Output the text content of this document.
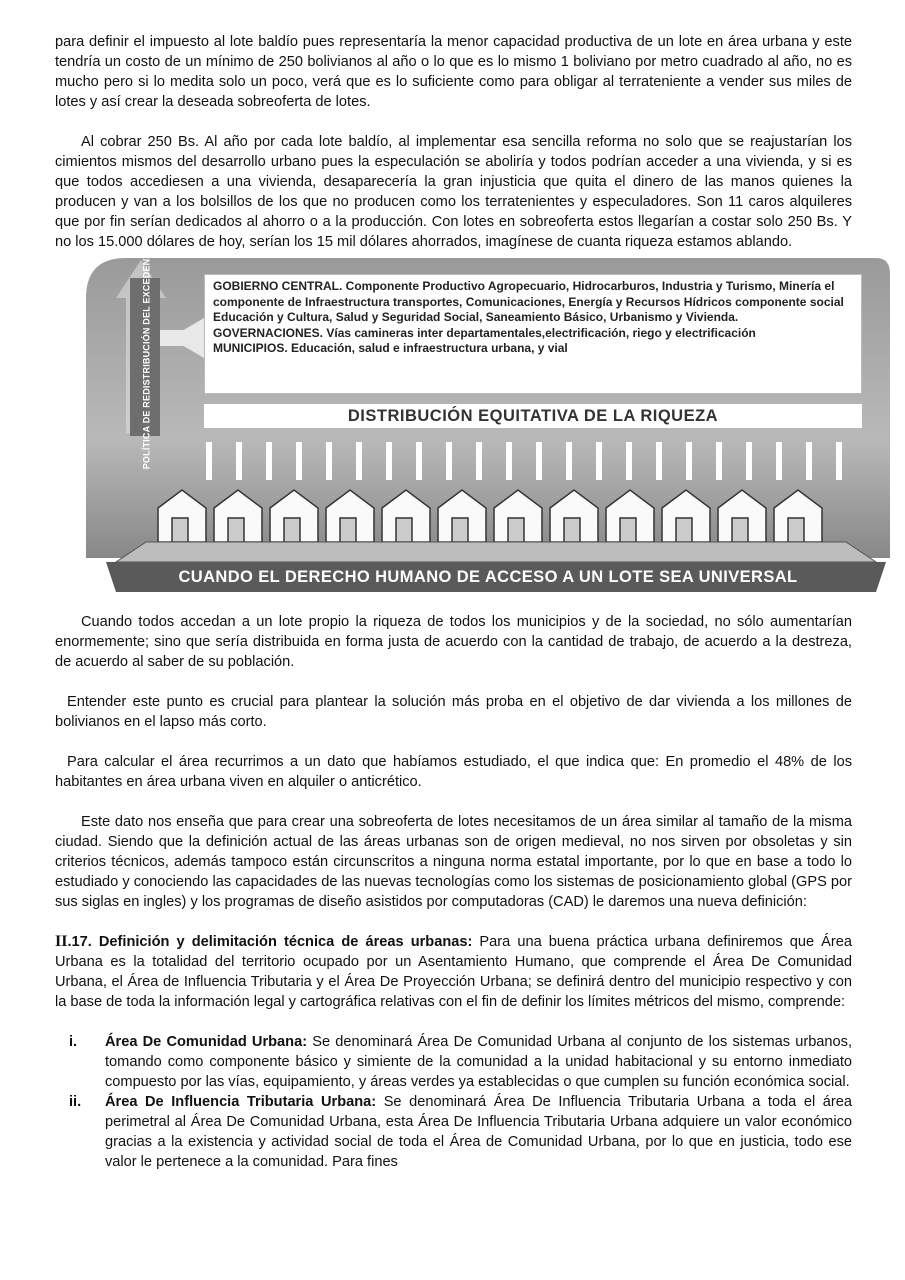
para definir el impuesto al lote baldío pues representaría la menor capacidad productiva de un lote en área urbana y este tendría un costo de un mínimo de 250 bolivianos al año o lo que es lo mismo 1 boliviano por metro cuadrado al año, no es mucho pero si lo medita solo un poco, verá que es lo suficiente como para obligar al terrateniente a vender sus miles de lotes y así crear la deseada sobreoferta de lotes.

Al cobrar 250 Bs. Al año por cada lote baldío, al implementar esa sencilla reforma no solo que se reajustarían los cimientos mismos del desarrollo urbano pues la especulación se aboliría y todos podrían acceder a una vivienda, y si es que todos accediesen a una vivienda, desaparecería la gran injusticia que quita el dinero de las manos quienes la producen y van a los bolsillos de los que no producen como los terratenientes y especuladores. Son 11 caros alquileres que por fin serían dedicados al ahorro o a la producción. Con lotes en sobreoferta estos llegarían a costar solo 250 Bs. Y no los 15.000 dólares de hoy, serían los 15 mil dólares ahorrados, imagínese de cuanta riqueza estamos ablando.

POLÍTICA DE REDISTRIBUCIÓN DEL EXCEDENTE	GOBIERNO CENTRAL. Componente Productivo Agropecuario, Hidrocarburos, Industria y Turismo, Minería el componente de Infraestructura transportes, Comunicaciones, Energía y Recursos Hídricos componente social Educación y Cultura, Salud y Seguridad Social, Saneamiento Básico, Urbanismo y Vivienda.
GOVERNACIONES. Vías camineras inter departamentales,electrificación, riego y electrificación
MUNICIPIOS. Educación, salud e infraestructura urbana, y vial
DISTRIBUCIÓN EQUITATIVA DE LA RIQUEZA
CUANDO EL DERECHO HUMANO DE ACCESO A UN LOTE SEA UNIVERSAL

Cuando todos accedan a un lote propio la riqueza de todos los municipios y de la sociedad, no sólo aumentarían enormemente; sino que sería distribuida en forma justa de acuerdo con la cantidad de trabajo, de acuerdo a la destreza, de acuerdo al saber de su población.

Entender este punto es crucial para plantear la solución más proba en el objetivo de dar vivienda a los millones de bolivianos en el lapso más corto.

Para calcular el área recurrimos a un dato que habíamos estudiado, el que indica que: En promedio el 48% de los habitantes en área urbana viven en alquiler o anticrético.

Este dato nos enseña que para crear una sobreoferta de lotes necesitamos de un área similar al tamaño de la misma ciudad. Siendo que la definición actual de las áreas urbanas son de origen medieval, no nos sirven por obsoletas y sin criterios técnicos, además tampoco están circunscritos a ninguna norma estatal importante, por lo que en base a todo lo estudiado y conociendo las capacidades de las nuevas tecnologías como los sistemas de posicionamiento global (GPS por sus siglas en ingles) y los programas de diseño asistidos por computadoras (CAD) le daremos una nueva definición:

II.17. Definición y delimitación técnica de áreas urbanas: Para una buena práctica urbana definiremos que Área Urbana es la totalidad del territorio ocupado por un Asentamiento Humano, que comprende el Área De Comunidad Urbana, el Área de Influencia Tributaria y el Área De Proyección Urbana; se definirá dentro del municipio respectivo y con la base de toda la información legal y cartográfica relativas con el fin de definir los límites métricos del mismo, comprende:
i.	Área De Comunidad Urbana: Se denominará Área De Comunidad Urbana al conjunto de los sistemas urbanos, tomando como componente básico y simiente de la comunidad a la unidad habitacional y su entorno inmediato compuesto por las vías, equipamiento, y áreas verdes ya establecidas o que cumplen su función económica social.

ii.	Área De Influencia Tributaria Urbana: Se denominará Área De Influencia Tributaria Urbana a toda el área perimetral al Área De Comunidad Urbana, esta Área De Influencia Tributaria Urbana adquiere un valor económico gracias a la existencia y actividad social de toda el Área de Comunidad Urbana, por lo que en justicia, todo ese valor le pertenece a la comunidad. Para fines
